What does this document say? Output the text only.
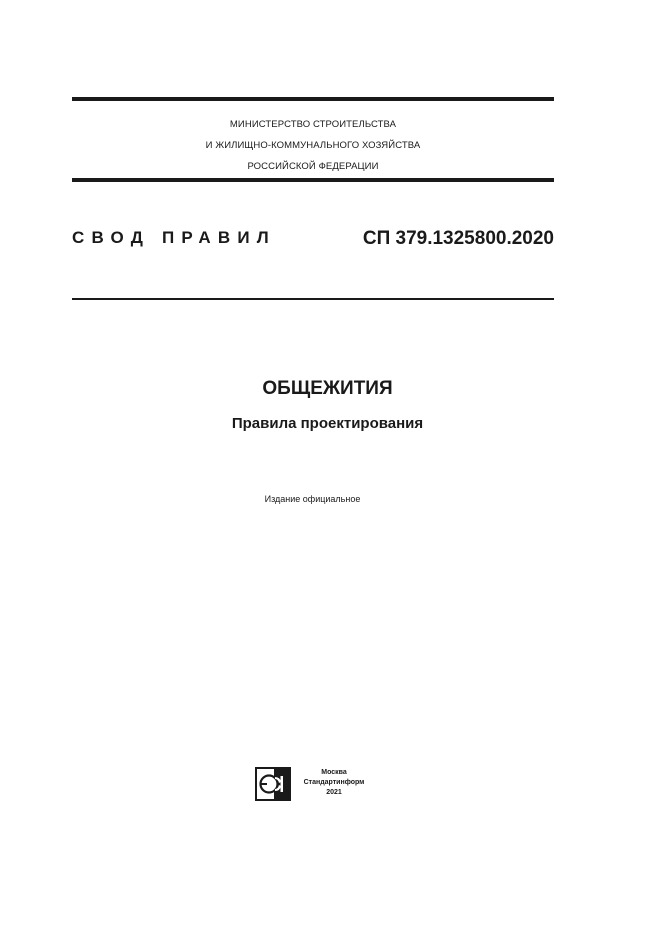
МИНИСТЕРСТВО СТРОИТЕЛЬСТВА
И ЖИЛИЩНО-КОММУНАЛЬНОГО ХОЗЯЙСТВА
РОССИЙСКОЙ ФЕДЕРАЦИИ
СВОД ПРАВИЛ	СП 379.1325800.2020
ОБЩЕЖИТИЯ
Правила проектирования
Издание официальное
Москва
Стандартинформ
2021
